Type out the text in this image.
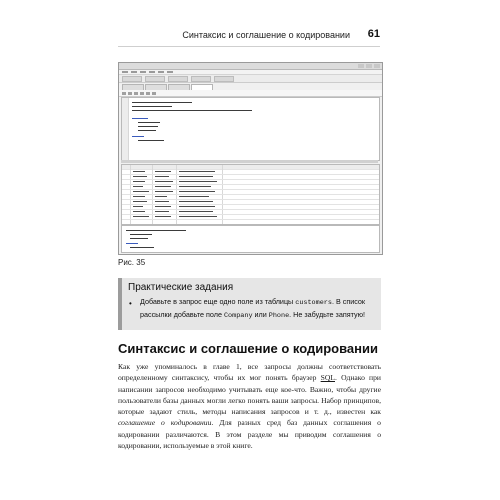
Синтаксис и соглашение о кодировании 61
Рис. 35
Практические задания
• Добавьте в запрос еще одно поле из таблицы customers. В список рассылки добавьте поле Company или Phone. Не забудьте запятую!
Синтаксис и соглашение о кодировании

Как уже упоминалось в главе 1, все запросы должны соответствовать определенному синтаксису, чтобы их мог понять браузер SQL. Однако при написании запросов необходимо учитывать еще кое-что. Важно, чтобы другие пользователи базы данных могли легко понять ваши запросы. Набор принципов, которые задают стиль, методы написания запросов и т. д., известен как соглашение о кодировании. Для разных сред баз данных соглашения о кодировании различаются. В этом разделе мы приводим соглашения о кодировании, используемые в этой книге.
